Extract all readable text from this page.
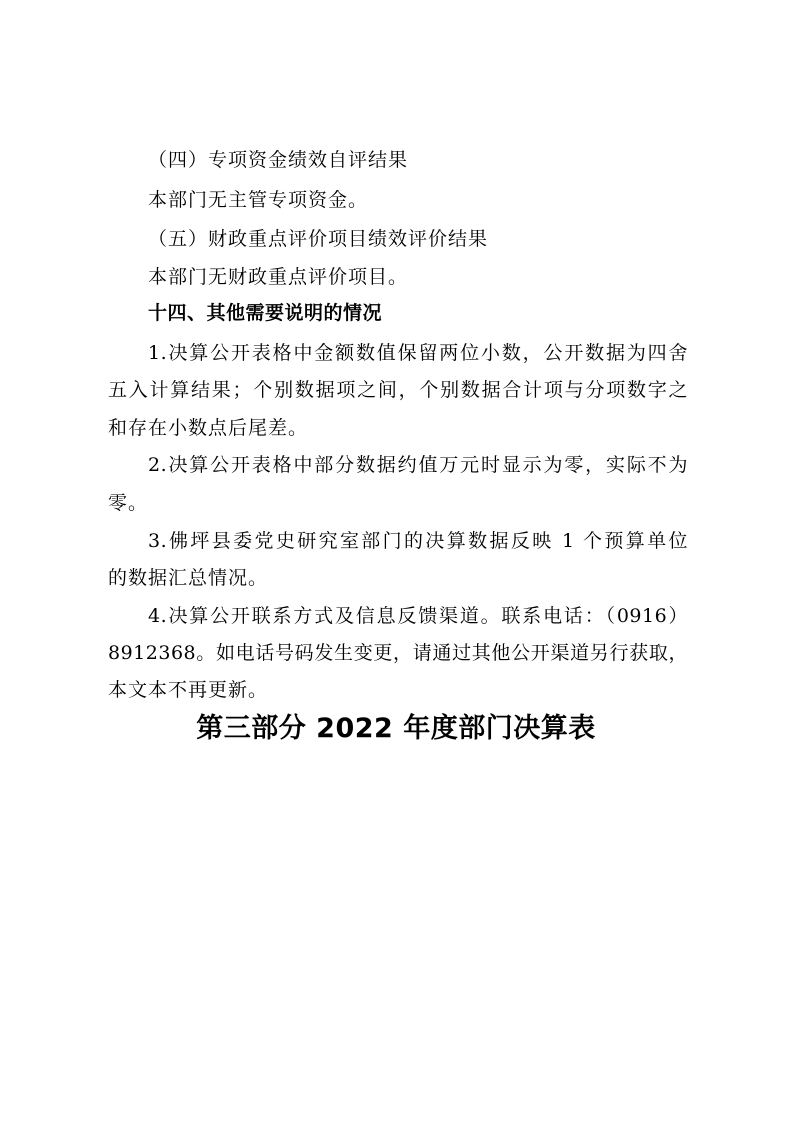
（四）专项资金绩效自评结果
本部门无主管专项资金。
（五）财政重点评价项目绩效评价结果
本部门无财政重点评价项目。
十四、其他需要说明的情况
1.决算公开表格中金额数值保留两位小数，公开数据为四舍
五入计算结果；个别数据项之间，个别数据合计项与分项数字之
和存在小数点后尾差。
2.决算公开表格中部分数据约值万元时显示为零，实际不为
零。
3.佛坪县委党史研究室部门的决算数据反映 1 个预算单位
的数据汇总情况。
4.决算公开联系方式及信息反馈渠道。联系电话：（0916）
8912368。如电话号码发生变更，请通过其他公开渠道另行获取，
本文本不再更新。
第三部分 2022 年度部门决算表
